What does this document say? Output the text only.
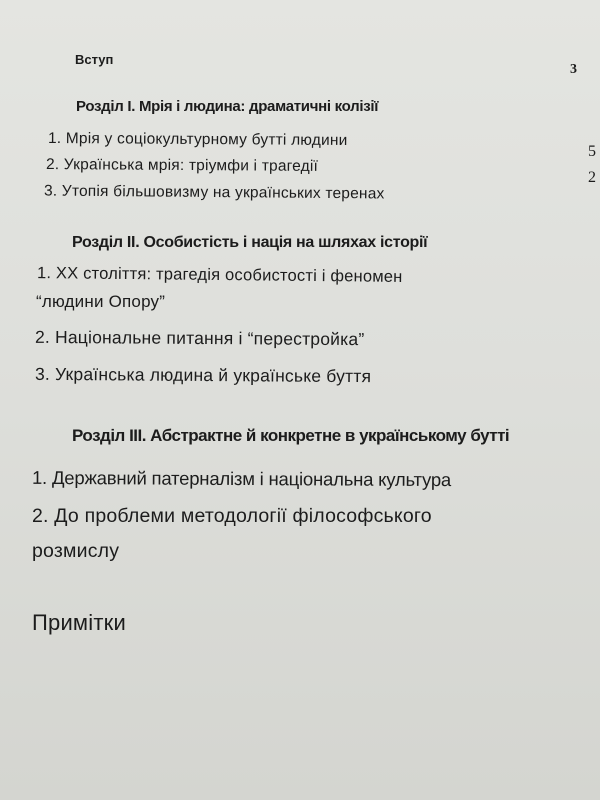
Вступ
3
Розділ І. Мрія і людина: драматичні колізії
1. Мрія у соціокультурному бутті людини
5
2. Українська мрія: тріумфи і трагедії
2
3. Утопія більшовизму на українських теренах
Розділ ІІ. Особистість і нація на шляхах історії
1. XX століття: трагедія особистості і феномен
“людини Опору”
2. Національне питання і “перестройка”
3. Українська людина й українське буття
Розділ ІІІ. Абстрактне й конкретне в українському бутті
1. Державний патерналізм і національна культура
2. До проблеми методології філософського
розмислу
Примітки
